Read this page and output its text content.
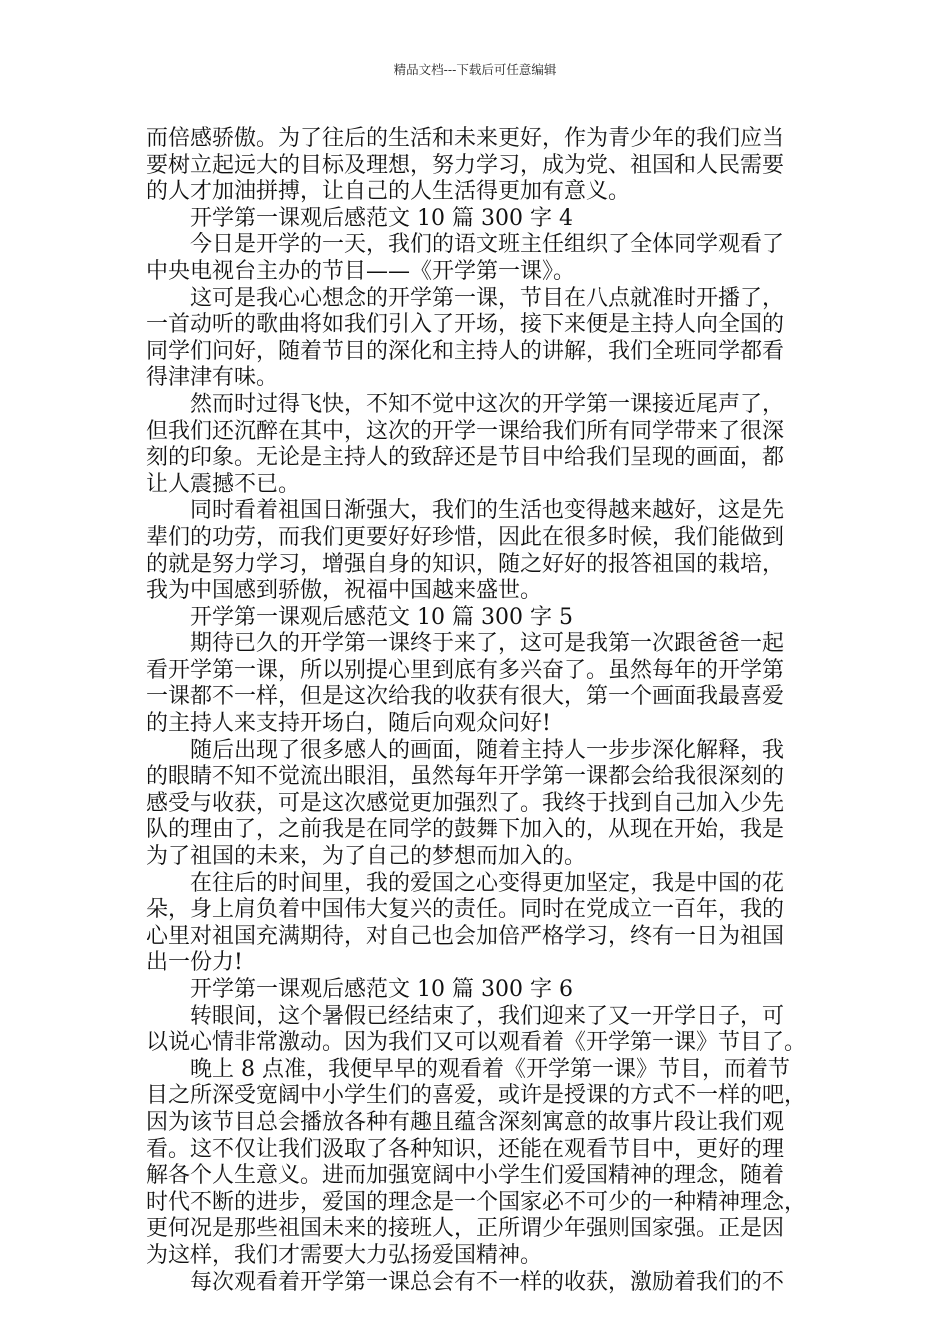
精品文档---下载后可任意编辑
而倍感骄傲。为了往后的生活和未来更好，作为青少年的我们应当
要树立起远大的目标及理想，努力学习，成为党、祖国和人民需要
的人才加油拼搏，让自己的人生活得更加有意义。
开学第一课观后感范文 10 篇 300 字 4
今日是开学的一天，我们的语文班主任组织了全体同学观看了
中央电视台主办的节目——《开学第一课》。
这可是我心心想念的开学第一课，节目在八点就准时开播了，
一首动听的歌曲将如我们引入了开场，接下来便是主持人向全国的
同学们问好，随着节目的深化和主持人的讲解，我们全班同学都看
得津津有味。
然而时过得飞快，不知不觉中这次的开学第一课接近尾声了，
但我们还沉醉在其中，这次的开学一课给我们所有同学带来了很深
刻的印象。无论是主持人的致辞还是节目中给我们呈现的画面，都
让人震撼不已。
同时看着祖国日渐强大，我们的生活也变得越来越好，这是先
辈们的功劳，而我们更要好好珍惜，因此在很多时候，我们能做到
的就是努力学习，增强自身的知识，随之好好的报答祖国的栽培，
我为中国感到骄傲，祝福中国越来盛世。
开学第一课观后感范文 10 篇 300 字 5
期待已久的开学第一课终于来了，这可是我第一次跟爸爸一起
看开学第一课，所以别提心里到底有多兴奋了。虽然每年的开学第
一课都不一样，但是这次给我的收获有很大，第一个画面我最喜爱
的主持人来支持开场白，随后向观众问好!
随后出现了很多感人的画面，随着主持人一步步深化解释，我
的眼睛不知不觉流出眼泪，虽然每年开学第一课都会给我很深刻的
感受与收获，可是这次感觉更加强烈了。我终于找到自己加入少先
队的理由了，之前我是在同学的鼓舞下加入的，从现在开始，我是
为了祖国的未来，为了自己的梦想而加入的。
在往后的时间里，我的爱国之心变得更加坚定，我是中国的花
朵，身上肩负着中国伟大复兴的责任。同时在党成立一百年，我的
心里对祖国充满期待，对自己也会加倍严格学习，终有一日为祖国
出一份力!
开学第一课观后感范文 10 篇 300 字 6
转眼间，这个暑假已经结束了，我们迎来了又一开学日子，可
以说心情非常激动。因为我们又可以观看着《开学第一课》节目了。
晚上 8 点准，我便早早的观看着《开学第一课》节目，而着节
目之所深受宽阔中小学生们的喜爱，或许是授课的方式不一样的吧，
因为该节目总会播放各种有趣且蕴含深刻寓意的故事片段让我们观
看。这不仅让我们汲取了各种知识，还能在观看节目中，更好的理
解各个人生意义。进而加强宽阔中小学生们爱国精神的理念，随着
时代不断的进步，爱国的理念是一个国家必不可少的一种精神理念，
更何况是那些祖国未来的接班人，正所谓少年强则国家强。正是因
为这样，我们才需要大力弘扬爱国精神。
每次观看着开学第一课总会有不一样的收获，激励着我们的不
